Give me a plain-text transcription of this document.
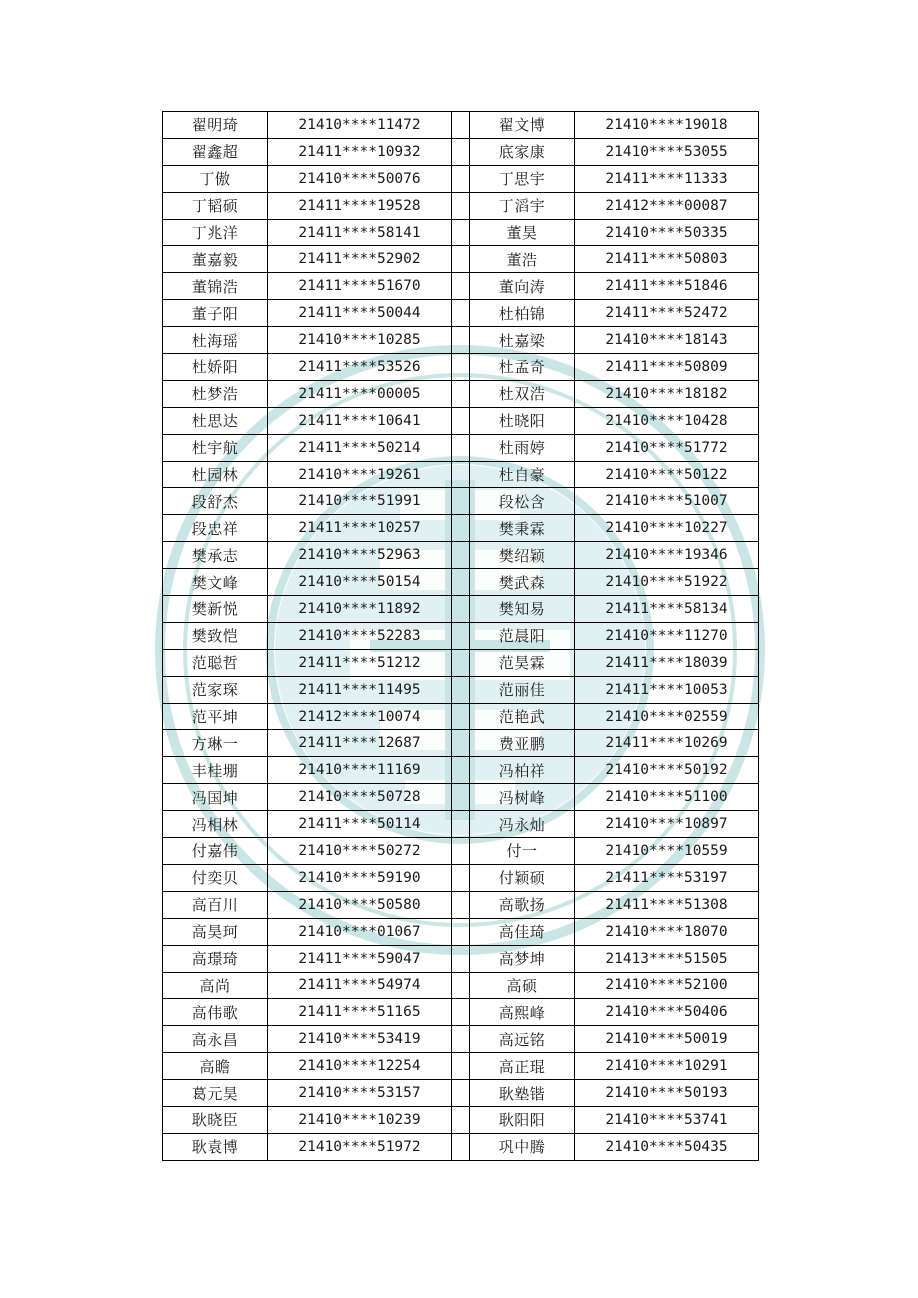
翟明琦	21410****11472		翟文博	21410****19018
翟鑫超	21411****10932		底家康	21410****53055
丁傲	21410****50076		丁思宇	21411****11333
丁韬硕	21411****19528		丁滔宇	21412****00087
丁兆洋	21411****58141		董昊	21410****50335
董嘉毅	21411****52902		董浩	21411****50803
董锦浩	21411****51670		董向涛	21411****51846
董子阳	21411****50044		杜柏锦	21411****52472
杜海瑶	21410****10285		杜嘉梁	21410****18143
杜娇阳	21411****53526		杜孟奇	21411****50809
杜梦浩	21411****00005		杜双浩	21410****18182
杜思达	21411****10641		杜晓阳	21410****10428
杜宇航	21411****50214		杜雨婷	21410****51772
杜园林	21410****19261		杜自豪	21410****50122
段舒杰	21410****51991		段松含	21410****51007
段忠祥	21411****10257		樊秉霖	21410****10227
樊承志	21410****52963		樊绍颖	21410****19346
樊文峰	21410****50154		樊武森	21410****51922
樊新悦	21410****11892		樊知易	21411****58134
樊致恺	21410****52283		范晨阳	21410****11270
范聪哲	21411****51212		范昊霖	21411****18039
范家琛	21411****11495		范丽佳	21411****10053
范平坤	21412****10074		范艳武	21410****02559
方琳一	21411****12687		费亚鹏	21411****10269
丰桂堋	21410****11169		冯柏祥	21410****50192
冯国坤	21410****50728		冯树峰	21410****51100
冯相林	21411****50114		冯永灿	21410****10897
付嘉伟	21410****50272		付一	21410****10559
付奕贝	21410****59190		付颖硕	21411****53197
高百川	21410****50580		高歌扬	21411****51308
高昊珂	21410****01067		高佳琦	21410****18070
高璟琦	21411****59047		高梦坤	21413****51505
高尚	21411****54974		高硕	21410****52100
高伟歌	21411****51165		高熙峰	21410****50406
高永昌	21410****53419		高远铭	21410****50019
高瞻	21410****12254		高正琨	21410****10291
葛元昊	21410****53157		耿塾锴	21410****50193
耿晓臣	21410****10239		耿阳阳	21410****53741
耿袁博	21410****51972		巩中腾	21410****50435
